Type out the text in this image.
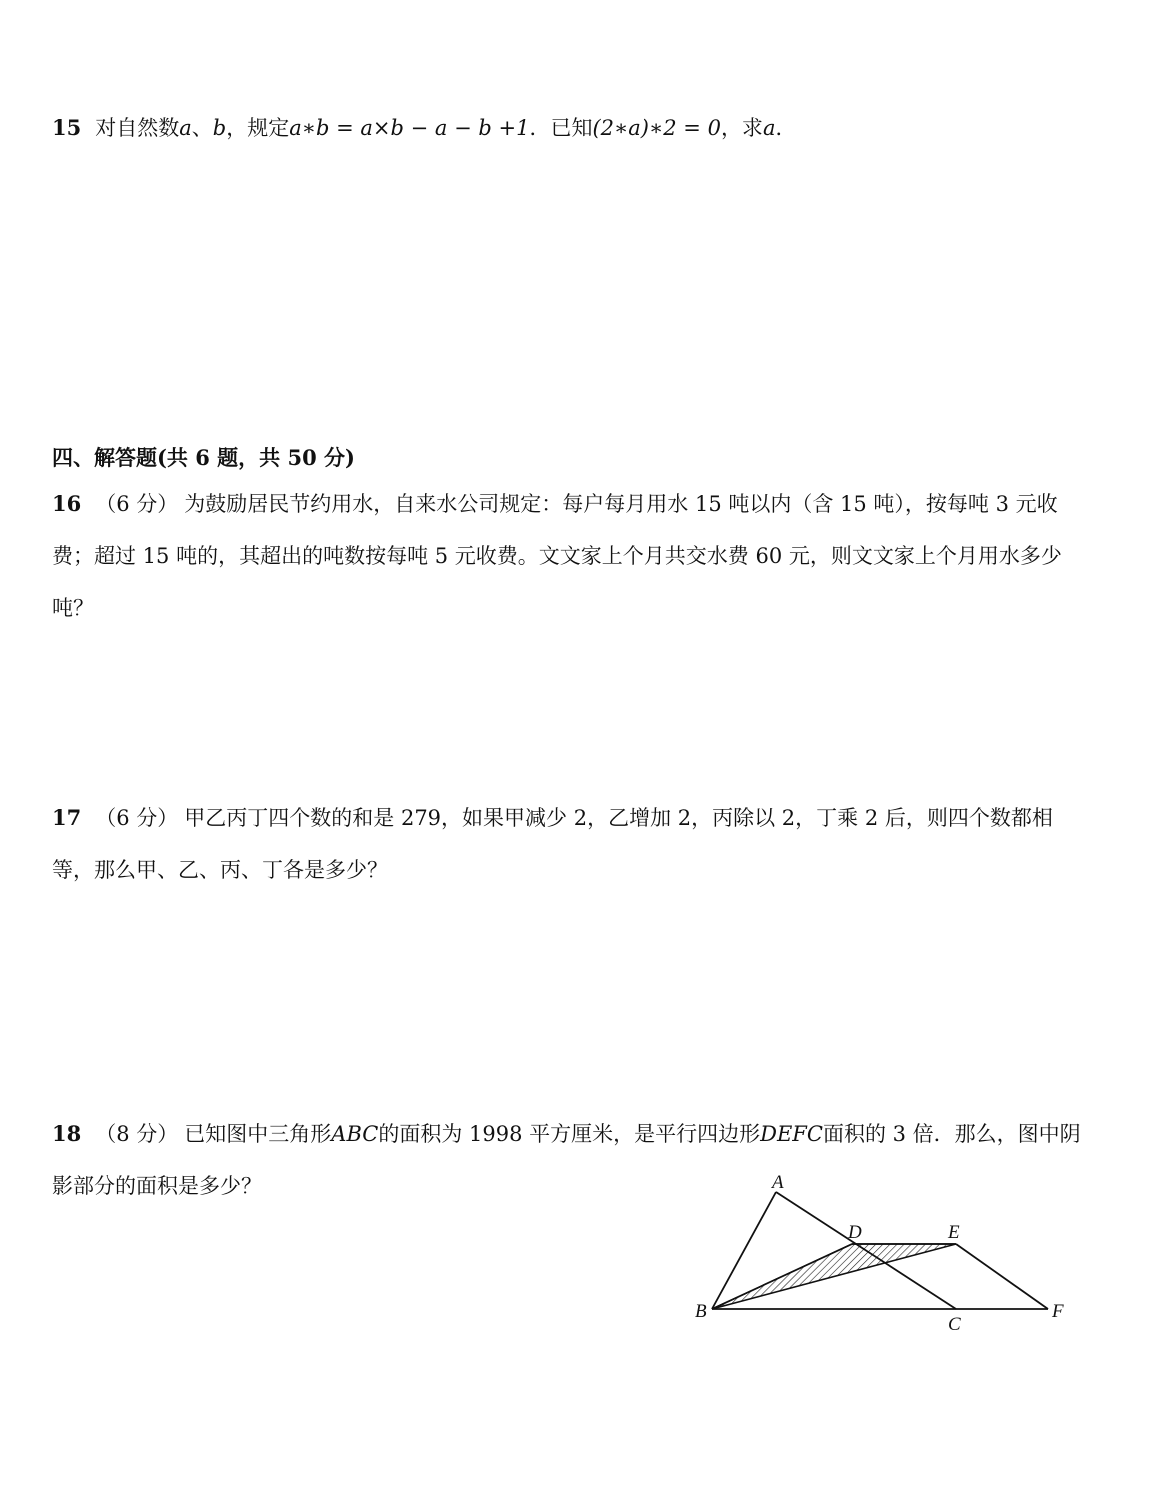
15 对自然数a、b，规定a∗b = a×b − a − b +1．已知(2∗a)∗2 = 0，求a．
四、解答题(共 6 题，共 50 分)
16 （6 分） 为鼓励居民节约用水，自来水公司规定：每户每月用水 15 吨以内（含 15 吨），按每吨 3 元收费；超过 15 吨的，其超出的吨数按每吨 5 元收费。文文家上个月共交水费 60 元，则文文家上个月用水多少吨？
17 （6 分） 甲乙丙丁四个数的和是 279，如果甲减少 2，乙增加 2，丙除以 2，丁乘 2 后，则四个数都相等，那么甲、乙、丙、丁各是多少？
18 （8 分） 已知图中三角形ABC的面积为 1998 平方厘米，是平行四边形DEFC面积的 3 倍．那么，图中阴影部分的面积是多少？	A
B
C
D	E
F
